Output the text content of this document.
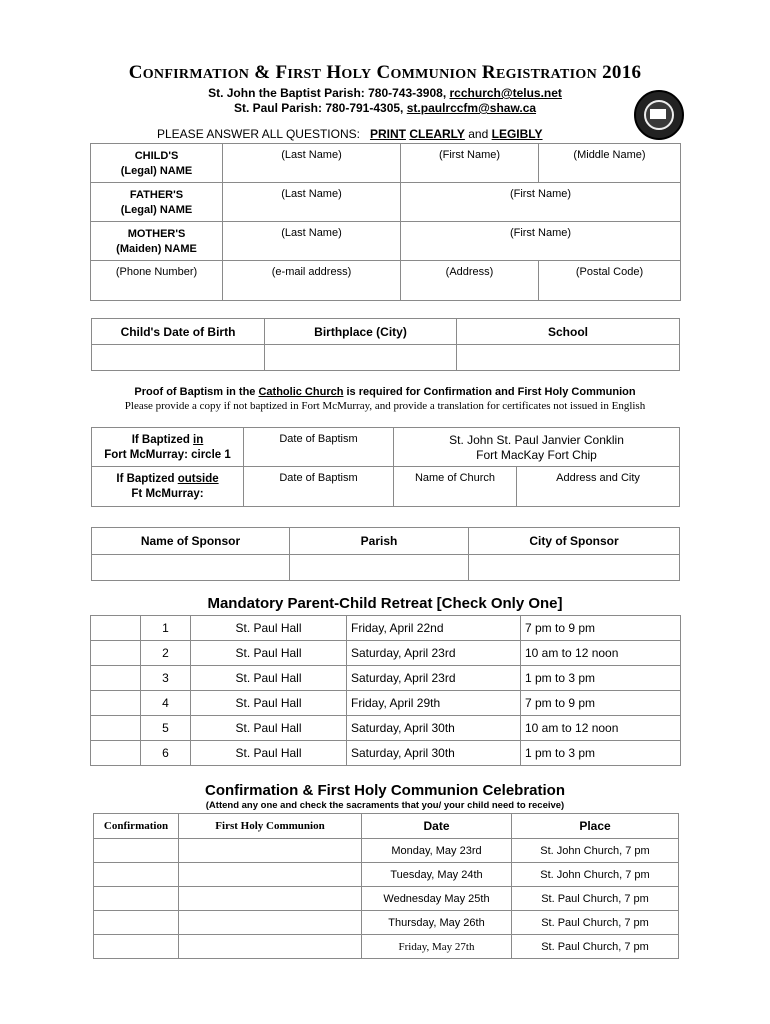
CONFIRMATION & FIRST HOLY COMMUNION REGISTRATION 2016
St. John the Baptist Parish: 780-743-3908, rcchurch@telus.net
St. Paul Parish: 780-791-4305, st.paulrccfm@shaw.ca
PLEASE ANSWER ALL QUESTIONS: PRINT CLEARLY and LEGIBLY
CHILD'S
(Legal) NAME	(Last Name)	(First Name)	(Middle Name)
FATHER'S
(Legal) NAME	(Last Name)	(First Name)	
MOTHER'S
(Maiden) NAME	(Last Name)	(First Name)	
(Phone Number)	(e-mail address)	(Address)	(Postal Code)
Child's Date of Birth	Birthplace (City)	School

Proof of Baptism in the Catholic Church is required for Confirmation and First Holy Communion
Please provide a copy if not baptized in Fort McMurray, and provide a translation for certificates not issued in English
If Baptized in
Fort McMurray: circle 1	Date of Baptism	St. John St. Paul Janvier Conklin
Fort MacKay Fort Chip	
If Baptized outside
Ft McMurray:	Date of Baptism	Name of Church	Address and City
Name of Sponsor	Parish	City of Sponsor

Mandatory Parent-Child Retreat [Check Only One]
	1	St. Paul Hall	Friday, April 22nd	7 pm to 9 pm
	2	St. Paul Hall	Saturday, April 23rd	10 am to 12 noon
	3	St. Paul Hall	Saturday, April 23rd	1 pm to 3 pm
	4	St. Paul Hall	Friday, April 29th	7 pm to 9 pm
	5	St. Paul Hall	Saturday, April 30th	10 am to 12 noon
	6	St. Paul Hall	Saturday, April 30th	1 pm to 3 pm
Confirmation & First Holy Communion Celebration
(Attend any one and check the sacraments that you/ your child need to receive)
Confirmation	First Holy Communion	Date	Place
		Monday, May 23rd	St. John Church, 7 pm
		Tuesday, May 24th	St. John Church, 7 pm
		Wednesday May 25th	St. Paul Church, 7 pm
		Thursday, May 26th	St. Paul Church, 7 pm
		Friday, May 27th	St. Paul Church, 7 pm
